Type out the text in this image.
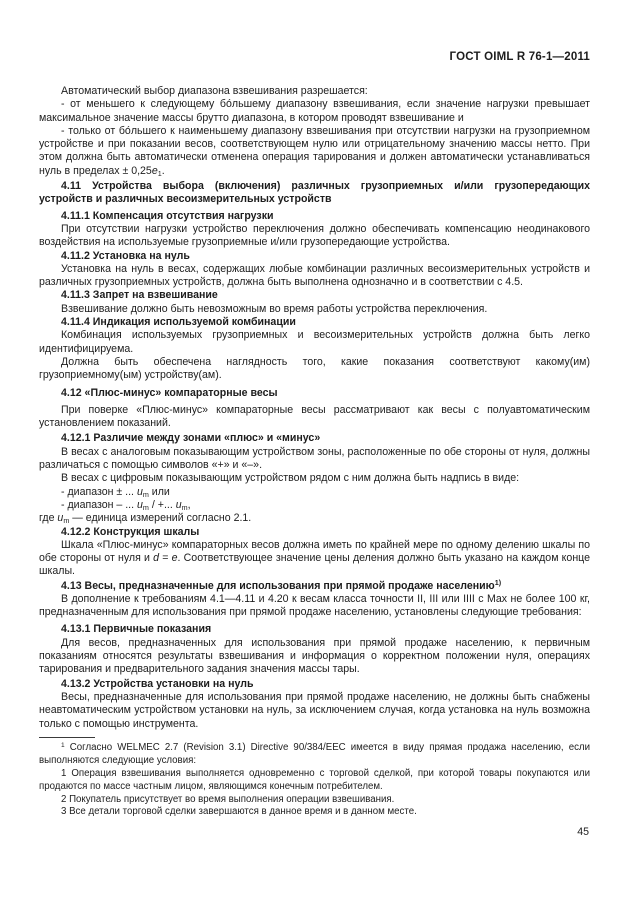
ГОСТ OIML R 76-1—2011

Автоматический выбор диапазона взвешивания разрешается:

- от меньшего к следующему бо́льшему диапазону взвешивания, если значение нагрузки превышает максимальное значение массы брутто диапазона, в котором проводят взвешивание и

- только от бо́льшего к наименьшему диапазону взвешивания при отсутствии нагрузки на грузоприемном устройстве и при показании весов, соответствующем нулю или отрицательному значению массы нетто. При этом должна быть автоматически отменена операция тарирования и должен автоматически устанавливаться нуль в пределах ± $0,25e_1$.

4.11 Устройства выбора (включения) различных грузоприемных и/или грузопередающих устройств и различных весоизмерительных устройств

4.11.1 Компенсация отсутствия нагрузки

При отсутствии нагрузки устройство переключения должно обеспечивать компенсацию неодинакового воздействия на используемые грузоприемные и/или грузопередающие устройства.

4.11.2 Установка на нуль

Установка на нуль в весах, содержащих любые комбинации различных весоизмерительных устройств и различных грузоприемных устройств, должна быть выполнена однозначно и в соответствии с 4.5.

4.11.3 Запрет на взвешивание

Взвешивание должно быть невозможным во время работы устройства переключения.

4.11.4 Индикация используемой комбинации

Комбинация используемых грузоприемных и весоизмерительных устройств должна быть легко идентифицируема.

Должна быть обеспечена наглядность того, какие показания соответствуют какому(им) грузоприемному(ым) устройству(ам).

4.12 «Плюс-минус» компараторные весы

При поверке «Плюс-минус» компараторные весы рассматривают как весы с полуавтоматическим установлением показаний.

4.12.1 Различие между зонами «плюс» и «минус»

В весах с аналоговым показывающим устройством зоны, расположенные по обе стороны от нуля, должны различаться с помощью символов «+» и «–».

В весах с цифровым показывающим устройством рядом с ним должна быть надпись в виде:

- диапазон ± ... $u_m$ или

- диапазон – ... $u_m$ / +... $u_m$,

где $u_m$ — единица измерений согласно 2.1.

4.12.2 Конструкция шкалы

Шкала «Плюс-минус» компараторных весов должна иметь по крайней мере по одному делению шкалы по обе стороны от нуля и d = e. Соответствующее значение цены деления должно быть указано на каждом конце шкалы.

4.13 Весы, предназначенные для использования при прямой продаже населению$^{1)}$

В дополнение к требованиям 4.1—4.11 и 4.20 к весам класса точности II, III или IIII с Мах не более 100 кг, предназначенным для использования при прямой продаже населению, установлены следующие требования:

4.13.1 Первичные показания

Для весов, предназначенных для использования при прямой продаже населению, к первичным показаниям относятся результаты взвешивания и информация о корректном положении нуля, операциях тарирования и предварительного задания значения массы тары.

4.13.2 Устройства установки на нуль

Весы, предназначенные для использования при прямой продаже населению, не должны быть снабжены неавтоматическим устройством установки на нуль, за исключением случая, когда установка на нуль возможна только с помощью инструмента.

$^1$ Согласно WELMEC 2.7 (Revision 3.1) Directive 90/384/EEC имеется в виду прямая продажа населению, если выполняются следующие условия:

1 Операция взвешивания выполняется одновременно с торговой сделкой, при которой товары покупаются или продаются по массе частным лицом, являющимся конечным потребителем.

2 Покупатель присутствует во время выполнения операции взвешивания.

3 Все детали торговой сделки завершаются в данное время и в данном месте.

45
